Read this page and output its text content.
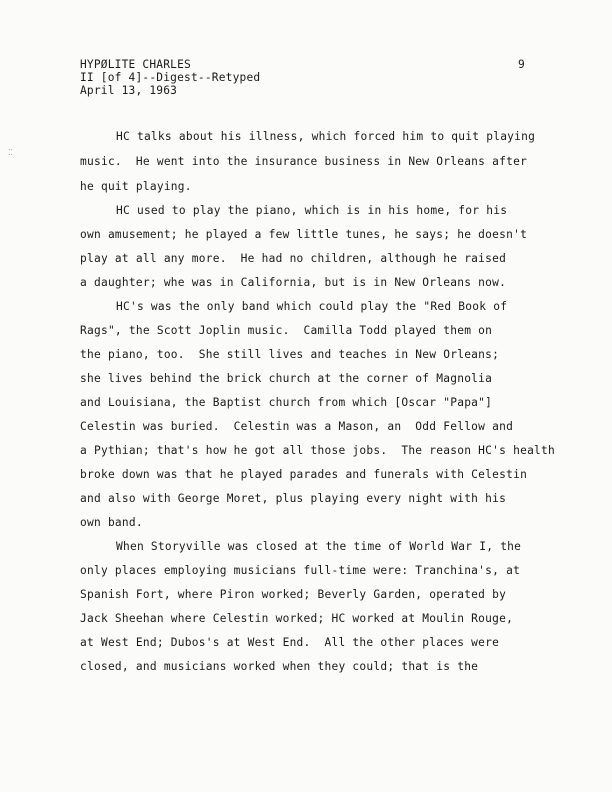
HYPØLITE CHARLES
II [of 4]--Digest--Retyped
April 13, 1963
9
⁚⁚
HC talks about his illness, which forced him to quit playing
music.  He went into the insurance business in New Orleans after
he quit playing.
HC used to play the piano, which is in his home, for his
own amusement; he played a few little tunes, he says; he doesn't
play at all any more.  He had no children, although he raised
a daughter; whe was in California, but is in New Orleans now.
HC's was the only band which could play the "Red Book of
Rags", the Scott Joplin music.  Camilla Todd played them on
the piano, too.  She still lives and teaches in New Orleans;
she lives behind the brick church at the corner of Magnolia
and Louisiana, the Baptist church from which [Oscar "Papa"]
Celestin was buried.  Celestin was a Mason, an  Odd Fellow and
a Pythian; that's how he got all those jobs.  The reason HC's health
broke down was that he played parades and funerals with Celestin
and also with George Moret, plus playing every night with his
own band.
When Storyville was closed at the time of World War I, the
only places employing musicians full-time were: Tranchina's, at
Spanish Fort, where Piron worked; Beverly Garden, operated by
Jack Sheehan where Celestin worked; HC worked at Moulin Rouge,
at West End; Dubos's at West End.  All the other places were
closed, and musicians worked when they could; that is the
